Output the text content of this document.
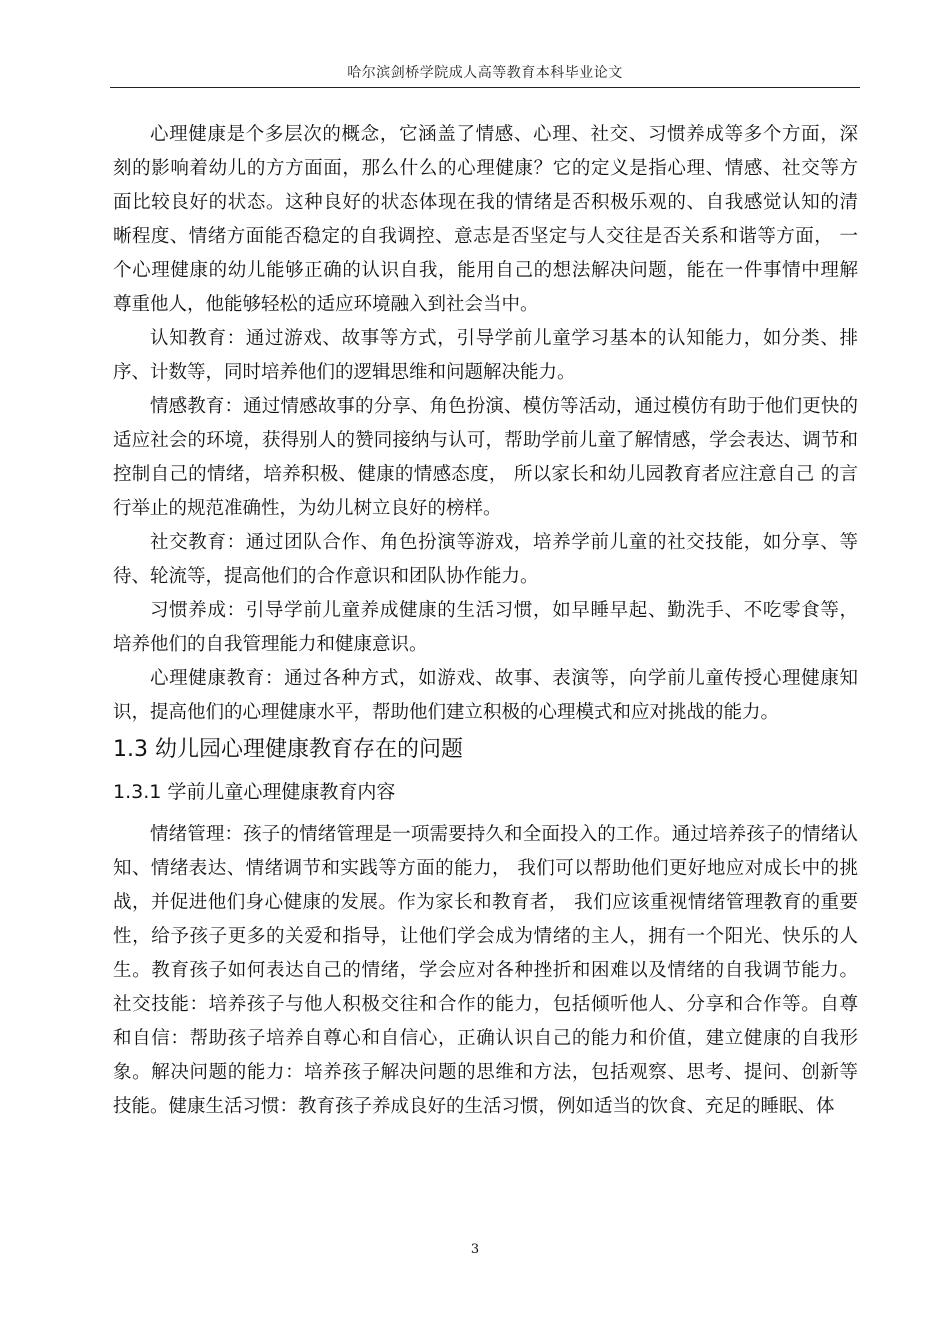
哈尔滨剑桥学院成人高等教育本科毕业论文

心理健康是个多层次的概念，它涵盖了情感、心理、社交、习惯养成等多个方面，深 刻的影响着幼儿的方方面面，那么什么的心理健康？它的定义是指心理、情感、社交等方 面比较良好的状态。这种良好的状态体现在我的情绪是否积极乐观的、自我感觉认知的清 晰程度、情绪方面能否稳定的自我调控、意志是否坚定与人交往是否关系和谐等方面， 一 个心理健康的幼儿能够正确的认识自我，能用自己的想法解决问题，能在一件事情中理解 尊重他人，他能够轻松的适应环境融入到社会当中。

认知教育：通过游戏、故事等方式，引导学前儿童学习基本的认知能力，如分类、排序、计数等，同时培养他们的逻辑思维和问题解决能力。

情感教育：通过情感故事的分享、角色扮演、模仿等活动，通过模仿有助于他们更快的适应社会的环境，获得别人的赞同接纳与认可，帮助学前儿童了解情感，学会表达、调节和控制自己的情绪，培养积极、健康的情感态度， 所以家长和幼儿园教育者应注意自己 的言行举止的规范准确性，为幼儿树立良好的榜样。

社交教育：通过团队合作、角色扮演等游戏，培养学前儿童的社交技能，如分享、等待、轮流等，提高他们的合作意识和团队协作能力。

习惯养成：引导学前儿童养成健康的生活习惯，如早睡早起、勤洗手、不吃零食等， 培养他们的自我管理能力和健康意识。

心理健康教育：通过各种方式，如游戏、故事、表演等，向学前儿童传授心理健康知识，提高他们的心理健康水平，帮助他们建立积极的心理模式和应对挑战的能力。

1.3 幼儿园心理健康教育存在的问题
1.3.1 学前儿童心理健康教育内容

情绪管理：孩子的情绪管理是一项需要持久和全面投入的工作。通过培养孩子的情绪认知、情绪表达、情绪调节和实践等方面的能力， 我们可以帮助他们更好地应对成长中的挑战，并促进他们身心健康的发展。作为家长和教育者， 我们应该重视情绪管理教育的重要性，给予孩子更多的关爱和指导，让他们学会成为情绪的主人，拥有一个阳光、快乐的人生。教育孩子如何表达自己的情绪，学会应对各种挫折和困难以及情绪的自我调节能力。 社交技能：培养孩子与他人积极交往和合作的能力，包括倾听他人、分享和合作等。自尊 和自信：帮助孩子培养自尊心和自信心，正确认识自己的能力和价值，建立健康的自我形 象。解决问题的能力：培养孩子解决问题的思维和方法，包括观察、思考、提问、创新等 技能。健康生活习惯：教育孩子养成良好的生活习惯，例如适当的饮食、充足的睡眠、体

3
